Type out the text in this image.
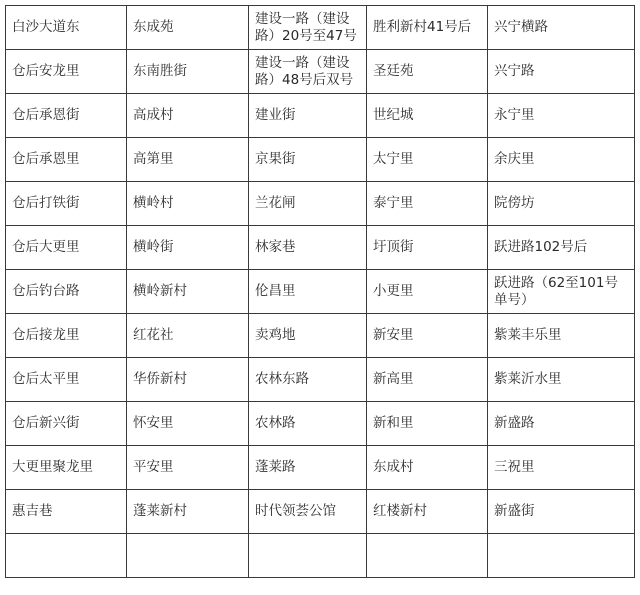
白沙大道东	东成苑	建设一路（建设路）20号至47号	胜利新村41号后	兴宁横路
仓后安龙里	东南胜街	建设一路（建设路）48号后双号	圣廷苑	兴宁路
仓后承恩街	高成村	建业街	世纪城	永宁里
仓后承恩里	高第里	京果街	太宁里	余庆里
仓后打铁街	横岭村	兰花闸	泰宁里	院傍坊
仓后大更里	横岭街	林家巷	圩顶街	跃进路102号后
仓后钓台路	横岭新村	伦昌里	小更里	跃进路（62至101号单号）
仓后接龙里	红花社	卖鸡地	新安里	紫莱丰乐里
仓后太平里	华侨新村	农林东路	新高里	紫莱沂水里
仓后新兴街	怀安里	农林路	新和里	新盛路
大更里聚龙里	平安里	蓬莱路	东成村	三祝里
惠吉巷	蓬莱新村	时代领荟公馆	红楼新村	新盛街
